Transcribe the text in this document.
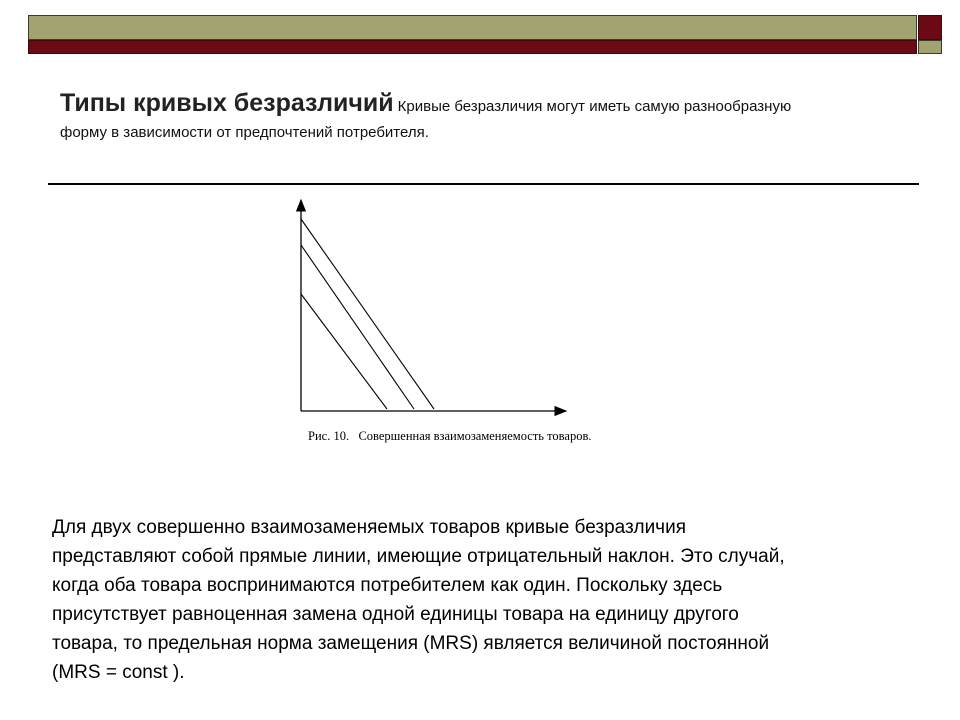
Типы кривых безразличий Кривые безразличия могут иметь самую разнообразную
форму в зависимости от предпочтений потребителя.
Рис. 10.   Совершенная взаимозаменяемость товаров.
Для двух совершенно взаимозаменяемых товаров кривые безразличия
представляют собой прямые линии, имеющие отрицательный наклон. Это случай,
когда оба товара воспринимаются потребителем как один. Поскольку здесь
присутствует равноценная замена одной единицы товара на единицу другого
товара, то предельная норма замещения (MRS) является величиной постоянной
(MRS = const ).
